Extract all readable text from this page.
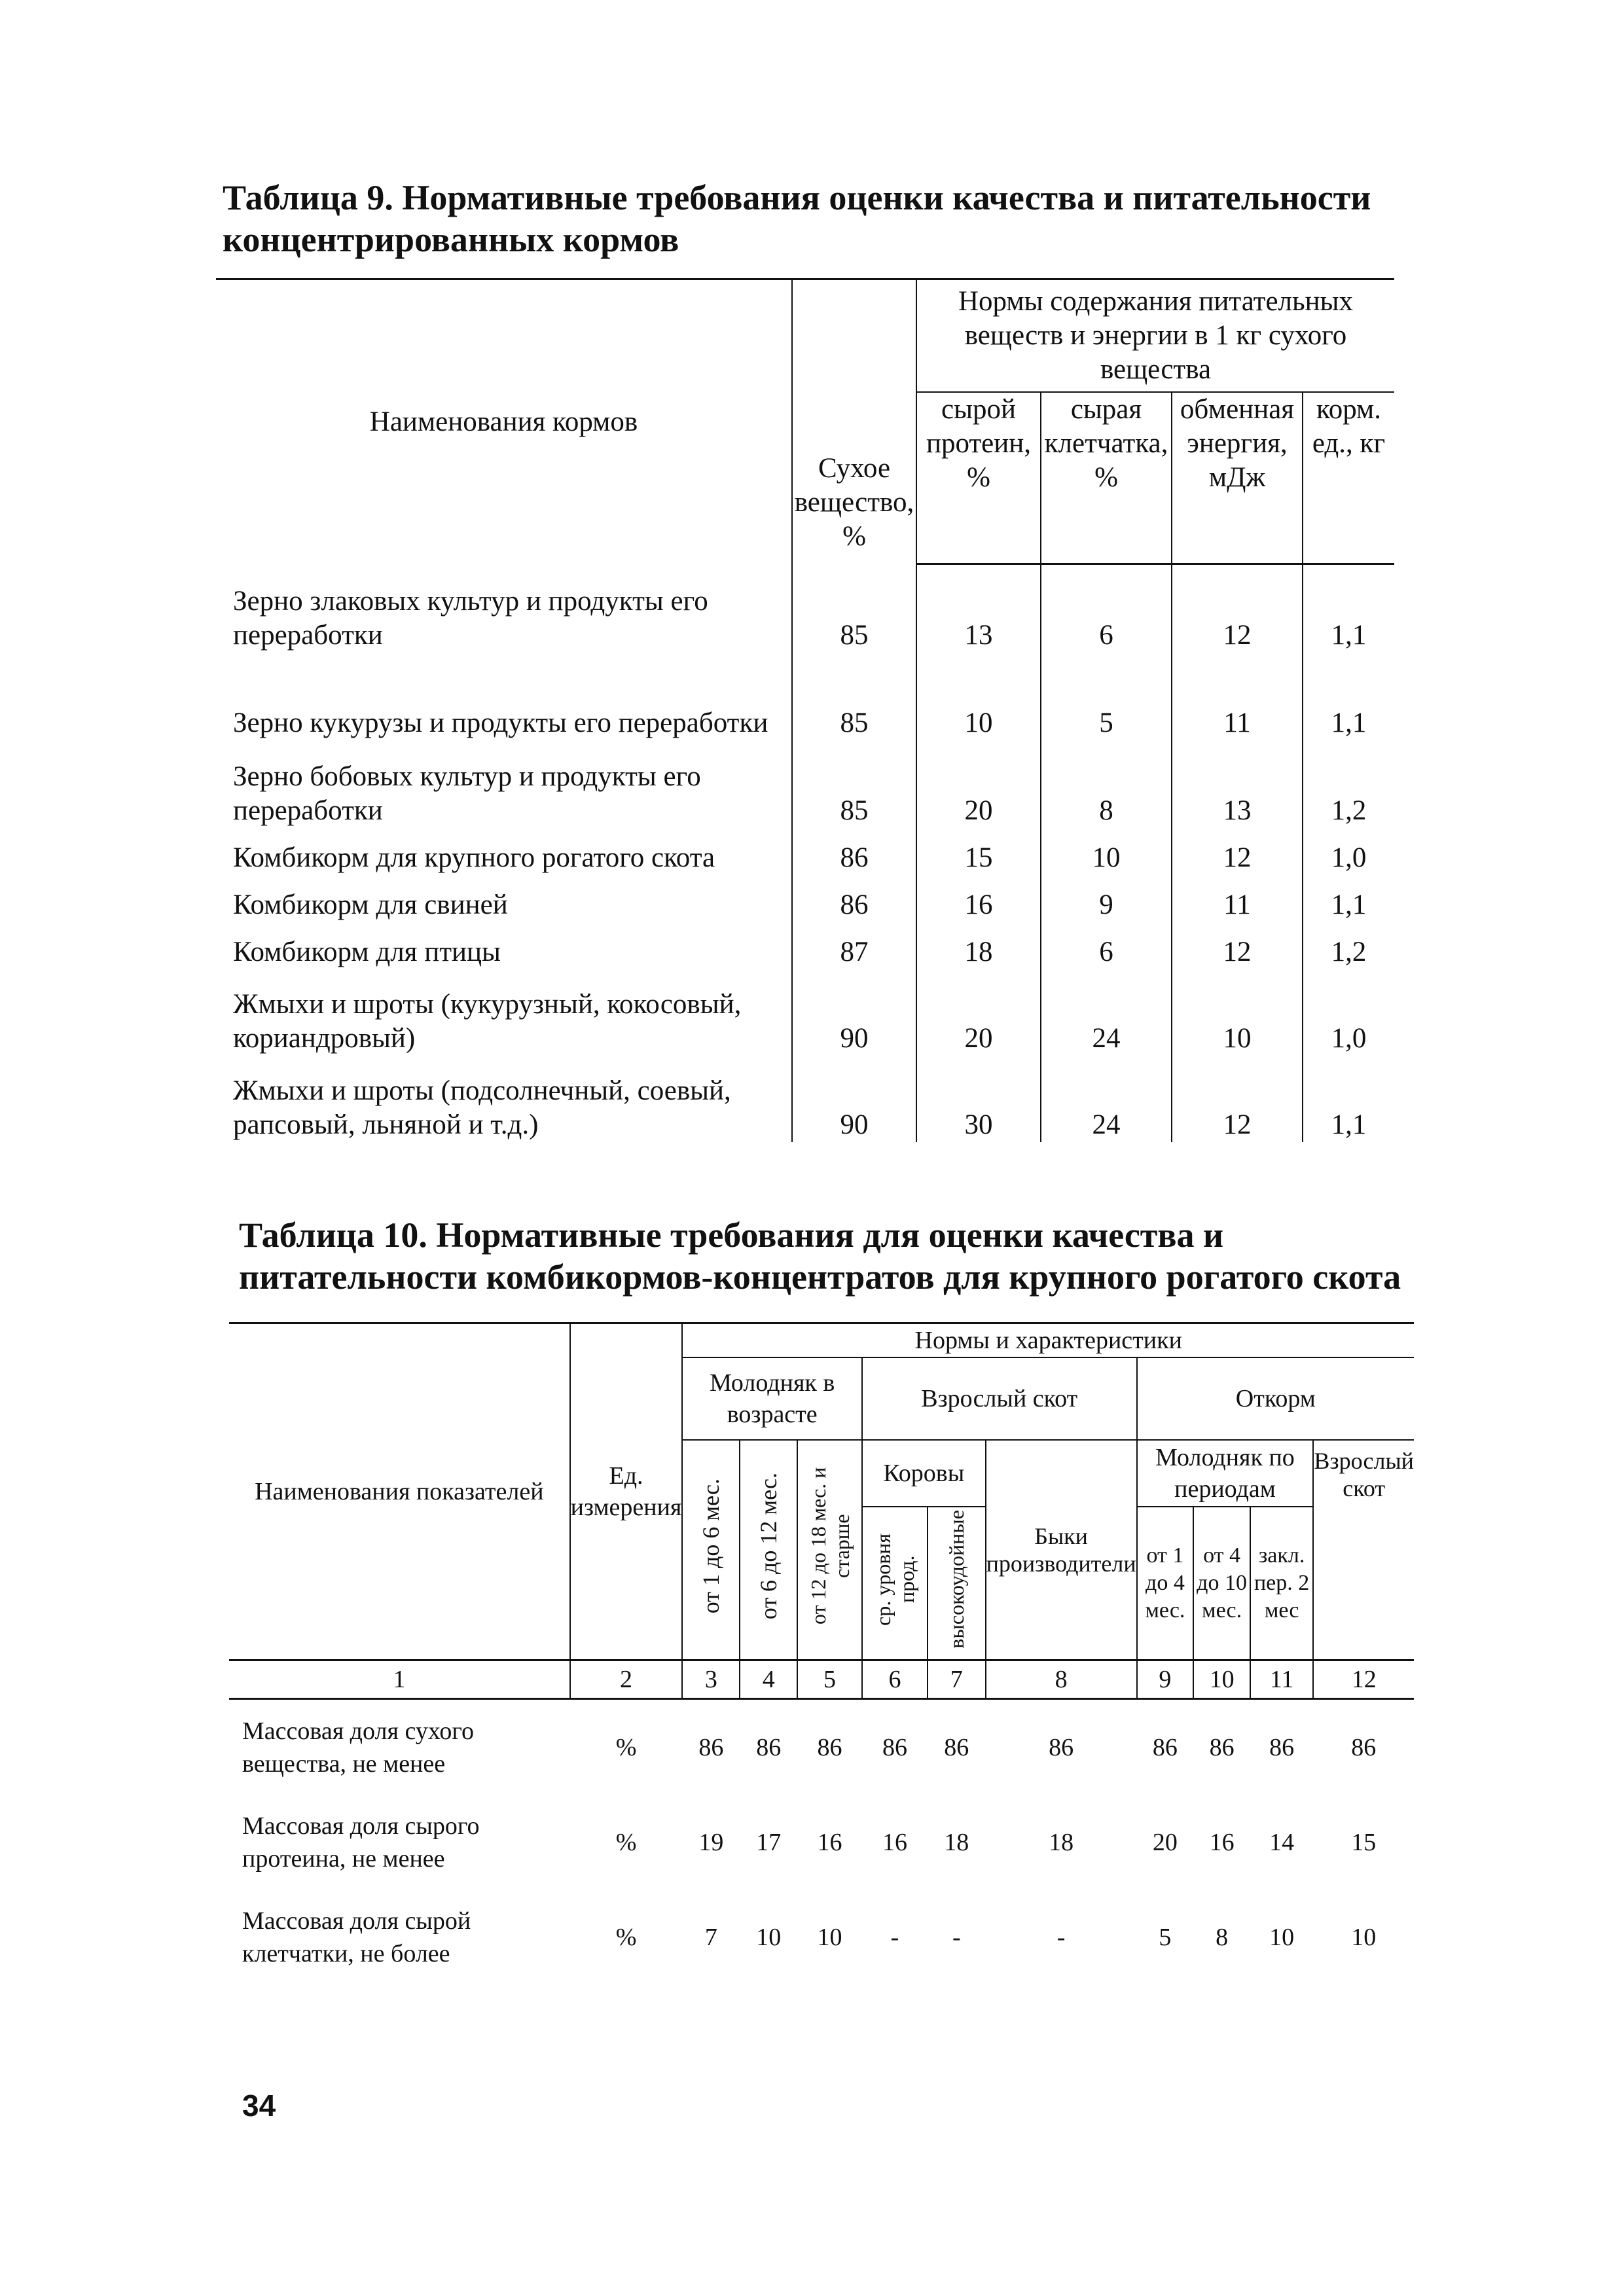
Таблица 9. Нормативные требования оценки качества и питательности концентрированных кормов

Наименования кормов	Сухое вещество, %	Нормы содержания питательных веществ и энергии в 1 кг сухого вещества			
		сырой протеин, %	сырая клетчатка, %	обменная энергия, мДж	корм. ед., кг
Зерно злаковых культур и продукты его переработки	85	13	6	12	1,1
Зерно кукурузы и продукты его переработки	85	10	5	11	1,1
Зерно бобовых культур и продукты его переработки	85	20	8	13	1,2
Комбикорм для крупного рогатого скота	86	15	10	12	1,0
Комбикорм для свиней	86	16	9	11	1,1
Комбикорм для птицы	87	18	6	12	1,2
Жмыхи и шроты (кукурузный, кокосовый, кориандровый)	90	20	24	10	1,0
Жмыхи и шроты (подсолнечный, соевый, рапсовый, льняной и т.д.)	90	30	24	12	1,1

Таблица 10. Нормативные требования для оценки качества и питательности комбикормов-концентратов для крупного рогатого скота

Наименования показателей	Ед. измерения	Нормы и характеристики									
		Молодняк в возрасте			Взрослый скот			Откорм			
		от 1 до 6 мес.	от 6 до 12 мес.	от 12 до 18 мес. и старше	Коровы		Быки производители	Молодняк по периодам			Взрослый скот
					ср. уровня прод.	высокоудойные		от 1 до 4 мес.	от 4 до 10 мес.	закл. пер. 2 мес	

1	2	3	4	5	6	7	8	9	10	11	12
Массовая доля сухого вещества, не менее	%	86	86	86	86	86	86	86	86	86	86
Массовая доля сырого протеина, не менее	%	19	17	16	16	18	18	20	16	14	15
Массовая доля сырой клетчатки, не более	%	7	10	10	-	-	-	5	8	10	10

34
